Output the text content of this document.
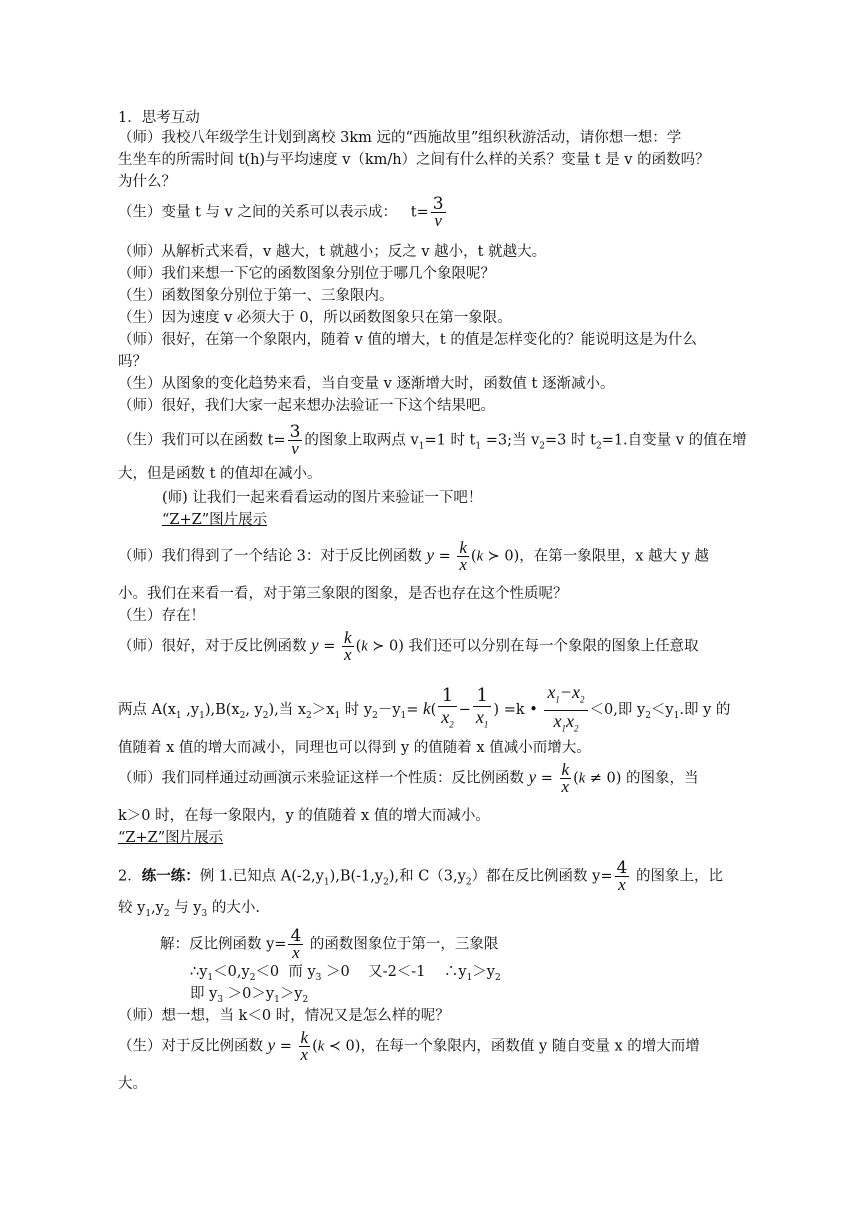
1．思考互动
（师）我校八年级学生计划到离校 3km 远的“西施故里”组织秋游活动，请你想一想：学
生坐车的所需时间 t(h)与平均速度 v（km/h）之间有什么样的关系？变量 t 是 v 的函数吗？
为什么？
（生）变量 t 与 v 之间的关系可以表示成：   $t= \frac{3}{v}$
（师）从解析式来看，v 越大，t 就越小；反之 v 越小，t 就越大。
（师）我们来想一下它的函数图象分别位于哪几个象限呢？
（生）函数图象分别位于第一、三象限内。
（生）因为速度 v 必须大于 0，所以函数图象只在第一象限。
（师）很好，在第一个象限内，随着 v 值的增大，t 的值是怎样变化的？能说明这是为什么
吗？
（生）从图象的变化趋势来看，当自变量 v 逐渐增大时，函数值 t 逐渐减小。
（师）很好，我们大家一起来想办法验证一下这个结果吧。
（生）我们可以在函数 $t= \frac{3}{v}$ 的图象上取两点 $v_1=1$ 时 $t_1 =3$;当 $v_2=3$ 时 $t_2=1$.自变量 v 的值在增
大，但是函数 t 的值却在减小。
(师) 让我们一起来看看运动的图片来验证一下吧！
“Z+Z”图片展示
（师）我们得到了一个结论 3：对于反比例函数 $y = \frac{k}{x} (k$ ≻ 0)，在第一象限里，x 越大 y 越
小。我们在来看一看，对于第三象限的图象，是否也存在这个性质呢？
（生）存在！
（师）很好，对于反比例函数 $y = \frac{k}{x} (k$ ≻ 0) 我们还可以分别在每一个象限的图象上任意取
两点 $A(x_1$ $,y_1),B(x_2$, $y_2$),当 $x_2>x_1$ 时 $y_2-y_1= k( \frac{1}{x_2} - \frac{1}{x_1}$ ) =k • $\frac{x_1-x_2}{x_1x_2} <0$,即 $y_2<y_1$.即 y 的
值随着 x 值的增大而减小，同理也可以得到 y 的值随着 x 值减小而增大。
（师）我们同样通过动画演示来验证这样一个性质：反比例函数 $y = \frac{k}{x} (k \ne 0)$ 的图象，当
k＞0 时，在每一象限内，y 的值随着 x 值的增大而减小。
“Z+Z”图片展示
2．练一练：例 1.已知点 $A(-2,y_1),B(-1,y_2)$,和 $C(3,y_2)$都在反比例函数 $y= \frac{4}{x}$ 的图象上，比
较 $y_1,y_2$ 与 $y_3$ 的大小.
解：反比例函数 $y= \frac{4}{x}$ 的函数图象位于第一，三象限
$\therefore y_1<0,y_2<0$  而 $y_3 >0$    又-2＜-1    $\therefore y_1>y_2$
即 $y_3 >0>y_1>y_2$
（师）想一想，当 k＜0 时，情况又是怎么样的呢？
（生）对于反比例函数 $y = \frac{k}{x} (k$ ≺ 0)，在每一个象限内，函数值 y 随自变量 x 的增大而增
大。
